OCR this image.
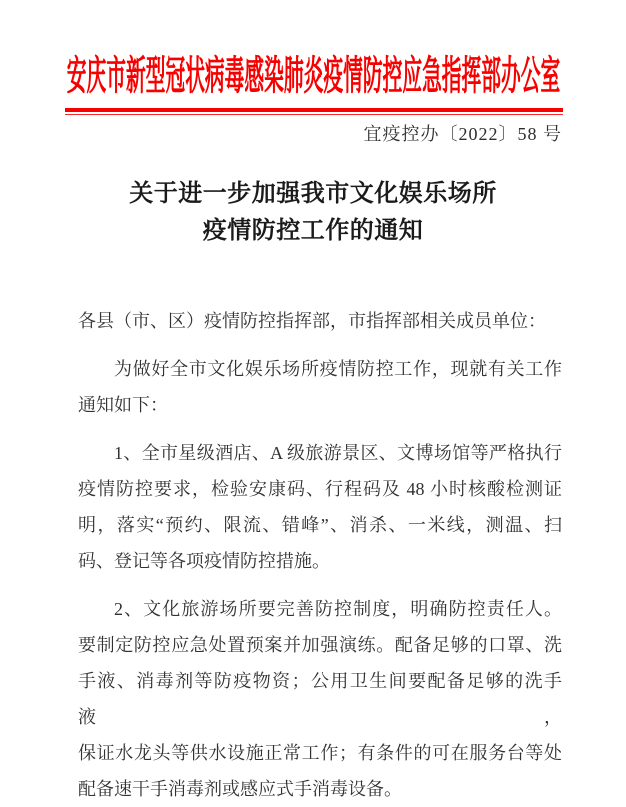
安庆市新型冠状病毒感染肺炎疫情防控应急指挥部办公室
宜疫控办〔2022〕58 号
关于进一步加强我市文化娱乐场所
疫情防控工作的通知
各县（市、区）疫情防控指挥部，市指挥部相关成员单位：
为做好全市文化娱乐场所疫情防控工作，现就有关工作
通知如下：
1、全市星级酒店、A 级旅游景区、文博场馆等严格执行
疫情防控要求，检验安康码、行程码及 48 小时核酸检测证
明，落实“预约、限流、错峰”、消杀、一米线，测温、扫
码、登记等各项疫情防控措施。
2、文化旅游场所要完善防控制度，明确防控责任人。
要制定防控应急处置预案并加强演练。配备足够的口罩、洗
手液、消毒剂等防疫物资；公用卫生间要配备足够的洗手液，
保证水龙头等供水设施正常工作；有条件的可在服务台等处
配备速干手消毒剂或感应式手消毒设备。
